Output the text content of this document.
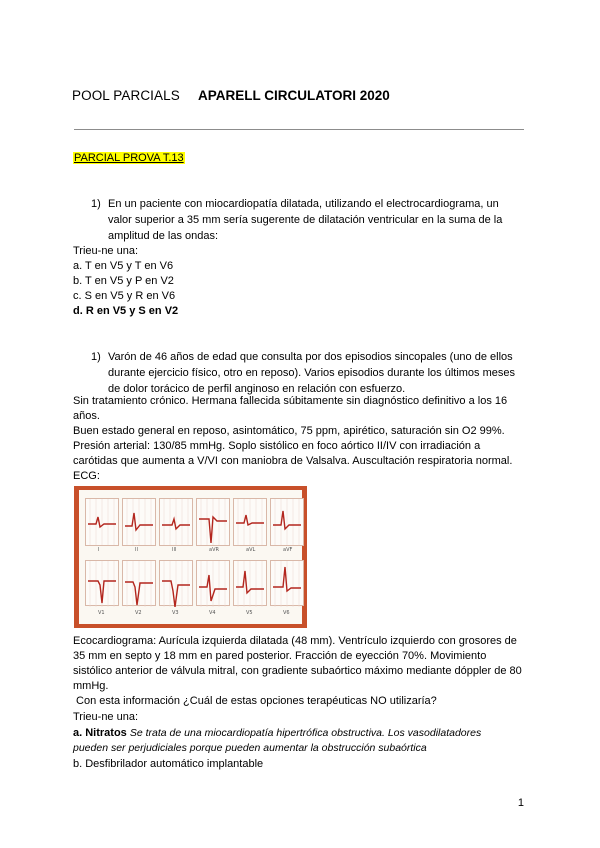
POOL PARCIALS APARELL CIRCULATORI 2020
PARCIAL PROVA T.13
1) En un paciente con miocardiopatía dilatada, utilizando el electrocardiograma, un
valor superior a 35 mm sería sugerente de dilatación ventricular en la suma de la
amplitud de las ondas:
Trieu-ne una:
a. T en V5 y T en V6
b. T en V5 y P en V2
c. S en V5 y R en V6
d. R en V5 y S en V2
1) Varón de 46 años de edad que consulta por dos episodios sincopales (uno de ellos
durante ejercicio físico, otro en reposo). Varios episodios durante los últimos meses
de dolor torácico de perfil anginoso en relación con esfuerzo.
Sin tratamiento crónico. Hermana fallecida súbitamente sin diagnóstico definitivo a los 16
años.
Buen estado general en reposo, asintomático, 75 ppm, apirético, saturación sin O2 99%.
Presión arterial: 130/85 mmHg. Soplo sistólico en foco aórtico II/IV con irradiación a
carótidas que aumenta a V/VI con maniobra de Valsalva. Auscultación respiratoria normal.
ECG:
I	II	III	aVR	aVL	aVF
V1	V2	V3	V4	V5	V6
Ecocardiograma: Aurícula izquierda dilatada (48 mm). Ventrículo izquierdo con grosores de
35 mm en septo y 18 mm en pared posterior. Fracción de eyección 70%. Movimiento
sistólico anterior de válvula mitral, con gradiente subaórtico máximo mediante dóppler de 80
mmHg.
Con esta información ¿Cuál de estas opciones terapéuticas NO utilizaría?
Trieu-ne una:
a. Nitratos Se trata de una miocardiopatía hipertrófica obstructiva. Los vasodilatadores
pueden ser perjudiciales porque pueden aumentar la obstrucción subaórtica
b. Desfibrilador automático implantable
1
